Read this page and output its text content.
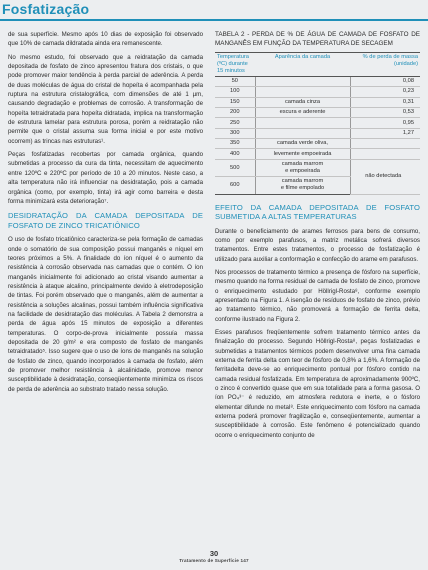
Fosfatização

de sua superfície. Mesmo após 10 dias de exposição foi observado que 10% de camada dildratada ainda era remanescente.

No mesmo estudo, foi observado que a reidratação da camada depositada de fosfato de zinco apresentou fratura dos cristais, o que pode promover maior tendência à perda parcial de aderência. A perda de duas moléculas de água do cristal de hopeíta é acompanhada pela ruptura na estrutura cristalográfica, com dimensões de até 1 µm, causando degradação e problemas de corrosão. A transformação de hopeíta tetraidratada para hopeíta didratada, implica na transformação de estrutura lamelar para estrutura porosa, porém a reidratação não permite que o cristal assuma sua forma inicial e por este motivo ocorrem) as trincas nas estruturas¹.

Peças fosfatizadas recobertas por camada orgânica, quando submetidas a processo da cura da tinta, necessitam de aquecimento entre 120ºC e 220ºC por período de 10 a 20 minutos. Neste caso, a alta temperatura não irá influenciar na desidratação, pois a camada orgânica (como, por exemplo, tinta) irá agir como barreira e desta forma minimizará esta deterioração⁷.

DESIDRATAÇÃO DA CAMADA DEPOSITADA DE FOSFATO DE ZINCO TRICATIÔNICO

O uso de fosfato tricatiônico caracteriza-se pela formação de camadas onde o somatório de sua composição possui manganês e níquel em teores próximos a 5%. A finalidade do íon níquel é o aumento da resistência à corrosão observada nas camadas que o contém. O íon manganês inicialmente foi adicionado ao cristal visando aumentar a resistência à ataque alcalino, principalmente devido à eletrodeposição de tintas. Foi porém observado que o manganês, além de aumentar a resistência a soluções alcalinas, possui também influência significativa na facilidade de desidratação das moléculas. A Tabela 2 demonstra a perda de água após 15 minutos de exposição a diferentes temperaturas. O corpo-de-prova inicialmente possuía massa depositada de 20 g/m² e era composto de fosfato de manganês tetraidratado⁵. Isso sugere que o uso de íons de manganês na solução de fosfato de zinco, quando incorporados à camada de fosfato, além de promover melhor resistência à alcalinidade, promove menor susceptibilidade à desidratação, conseqüentemente minimiza os riscos de perda de aderência ao substrato tratado nessa solução.

TABELA 2 - PERDA DE % DE ÁGUA DE CAMADA DE FOSFATO DE MANGANÊS EM FUNÇÃO DA TEMPERATURA DE SECAGEM
Temperatura (ºC) durante 15 minutos	Aparência da camada	% de perda de massa (unidade)
50		0,08
100		0,23
150	camada cinza	0,31
200	escura e aderente	0,53
250		0,95
300		1,27
350	camada verde oliva,	
400	levemente empoeirada	
500	camada marrom
e empoeirada	não detectada
600	camada marrom
e filme empolado	
EFEITO DA CAMADA DEPOSITADA DE FOSFATO SUBMETIDA A ALTAS TEMPERATURAS

Durante o beneficiamento de arames ferrosos para bens de consumo, como por exemplo parafusos, a matriz metálica sofrerá diversos tratamentos. Entre estes tratamentos, o processo de fosfatização é utilizado para auxiliar a conformação e confecção do arame em parafusos.

Nos processos de tratamento térmico a presença de fósforo na superfície, mesmo quando na forma residual de camada de fosfato de zinco, promove o enriquecimento estudado por Höllrigl-Rosta⁸, conforme exemplo apresentado na Figura 1. A isenção de resíduos de fosfato de zinco, prévio ao tratamento térmico, não promoverá a formação de ferrita delta, conforme ilustrado na Figura 2.

Esses parafusos freqüentemente sofrem tratamento térmico antes da finalização do processo. Segundo Höllrigl-Rosta⁸, peças fosfatizadas e submetidas a tratamentos térmicos podem desenvolver uma fina camada externa de ferrita delta com teor de fósforo de 0,8% a 1,6%. A formação de ferritadelta deve-se ao enriquecimento pontual por fósforo contido na camada residual fosfatizada. Em temperatura de aproximadamente 900ºC, o zinco é convertido quase que em sua totalidade para a forma gasosa. O íon PO₄³⁻ é reduzido, em atmosfera redutora e inerte, e o fósforo elementar difunde no metal⁸. Este enriquecimento com fósforo na camada externa poderá promover fragilização e, conseqüentemente, aumentar a susceptibilidade à corrosão. Este fenômeno é potencializado quando ocorre o enriquecimento conjunto de

30
Tratamento de Superfície 147
